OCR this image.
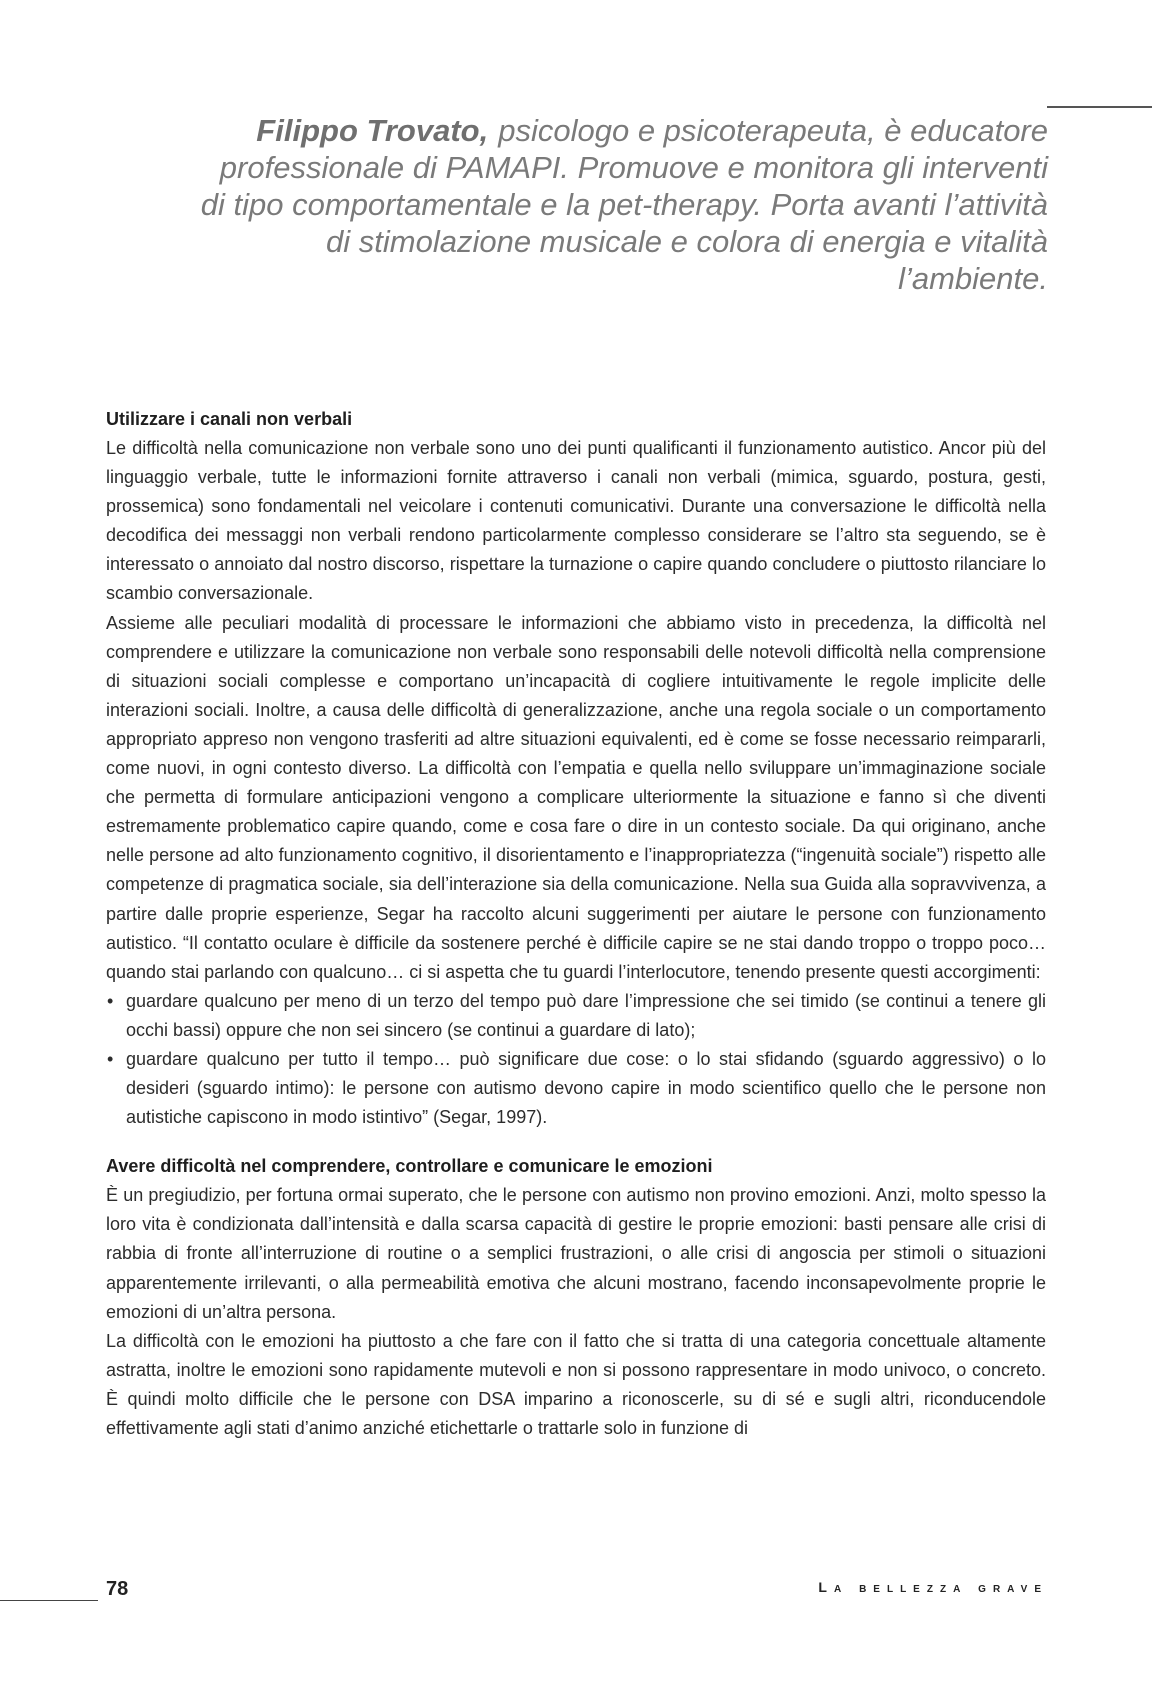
Filippo Trovato, psicologo e psicoterapeuta, è educatore professionale di PAMAPI. Promuove e monitora gli interventi di tipo comportamentale e la pet-therapy. Porta avanti l’attività di stimolazione musicale e colora di energia e vitalità l’ambiente.
Utilizzare i canali non verbali

Le difficoltà nella comunicazione non verbale sono uno dei punti qualificanti il funzionamento autistico. Ancor più del linguaggio verbale, tutte le informazioni fornite attraverso i canali non verbali (mimica, sguardo, postura, gesti, prossemica) sono fondamentali nel veicolare i contenuti comunicativi. Durante una conversazione le difficoltà nella decodifica dei messaggi non verbali rendono particolarmente complesso considerare se l’altro sta seguendo, se è interessato o annoiato dal nostro discorso, rispettare la turnazione o capire quando concludere o piuttosto rilanciare lo scambio conversazionale.

Assieme alle peculiari modalità di processare le informazioni che abbiamo visto in precedenza, la difficoltà nel comprendere e utilizzare la comunicazione non verbale sono responsabili delle notevoli difficoltà nella comprensione di situazioni sociali complesse e comportano un’incapacità di cogliere intuitivamente le regole implicite delle interazioni sociali. Inoltre, a causa delle difficoltà di generalizzazione, anche una regola sociale o un comportamento appropriato appreso non vengono trasferiti ad altre situazioni equivalenti, ed è come se fosse necessario reimpararli, come nuovi, in ogni contesto diverso. La difficoltà con l’empatia e quella nello sviluppare un’immaginazione sociale che permetta di formulare anticipazioni vengono a complicare ulteriormente la situazione e fanno sì che diventi estremamente problematico capire quando, come e cosa fare o dire in un contesto sociale. Da qui originano, anche nelle persone ad alto funzionamento cognitivo, il disorientamento e l’inappropriatezza (“ingenuità sociale”) rispetto alle competenze di pragmatica sociale, sia dell’interazione sia della comunicazione. Nella sua Guida alla sopravvivenza, a partire dalle proprie esperienze, Segar ha raccolto alcuni suggerimenti per aiutare le persone con funzionamento autistico. “Il contatto oculare è difficile da sostenere perché è difficile capire se ne stai dando troppo o troppo poco… quando stai parlando con qualcuno… ci si aspetta che tu guardi l’interlocutore, tenendo presente questi accorgimenti:

• guardare qualcuno per meno di un terzo del tempo può dare l’impressione che sei timido (se continui a tenere gli occhi bassi) oppure che non sei sincero (se continui a guardare di lato);
• guardare qualcuno per tutto il tempo… può significare due cose: o lo stai sfidando (sguardo aggressivo) o lo desideri (sguardo intimo): le persone con autismo devono capire in modo scientifico quello che le persone non autistiche capiscono in modo istintivo” (Segar, 1997).
Avere difficoltà nel comprendere, controllare e comunicare le emozioni

È un pregiudizio, per fortuna ormai superato, che le persone con autismo non provino emozioni. Anzi, molto spesso la loro vita è condizionata dall’intensità e dalla scarsa capacità di gestire le proprie emozioni: basti pensare alle crisi di rabbia di fronte all’interruzione di routine o a semplici frustrazioni, o alle crisi di angoscia per stimoli o situazioni apparentemente irrilevanti, o alla permeabilità emotiva che alcuni mostrano, facendo inconsapevolmente proprie le emozioni di un’altra persona.

La difficoltà con le emozioni ha piuttosto a che fare con il fatto che si tratta di una categoria concettuale altamente astratta, inoltre le emozioni sono rapidamente mutevoli e non si possono rappresentare in modo univoco, o concreto. È quindi molto difficile che le persone con DSA imparino a riconoscerle, su di sé e sugli altri, riconducendole effettivamente agli stati d’animo anziché etichettarle o trattarle solo in funzione di

78	La bellezza grave
